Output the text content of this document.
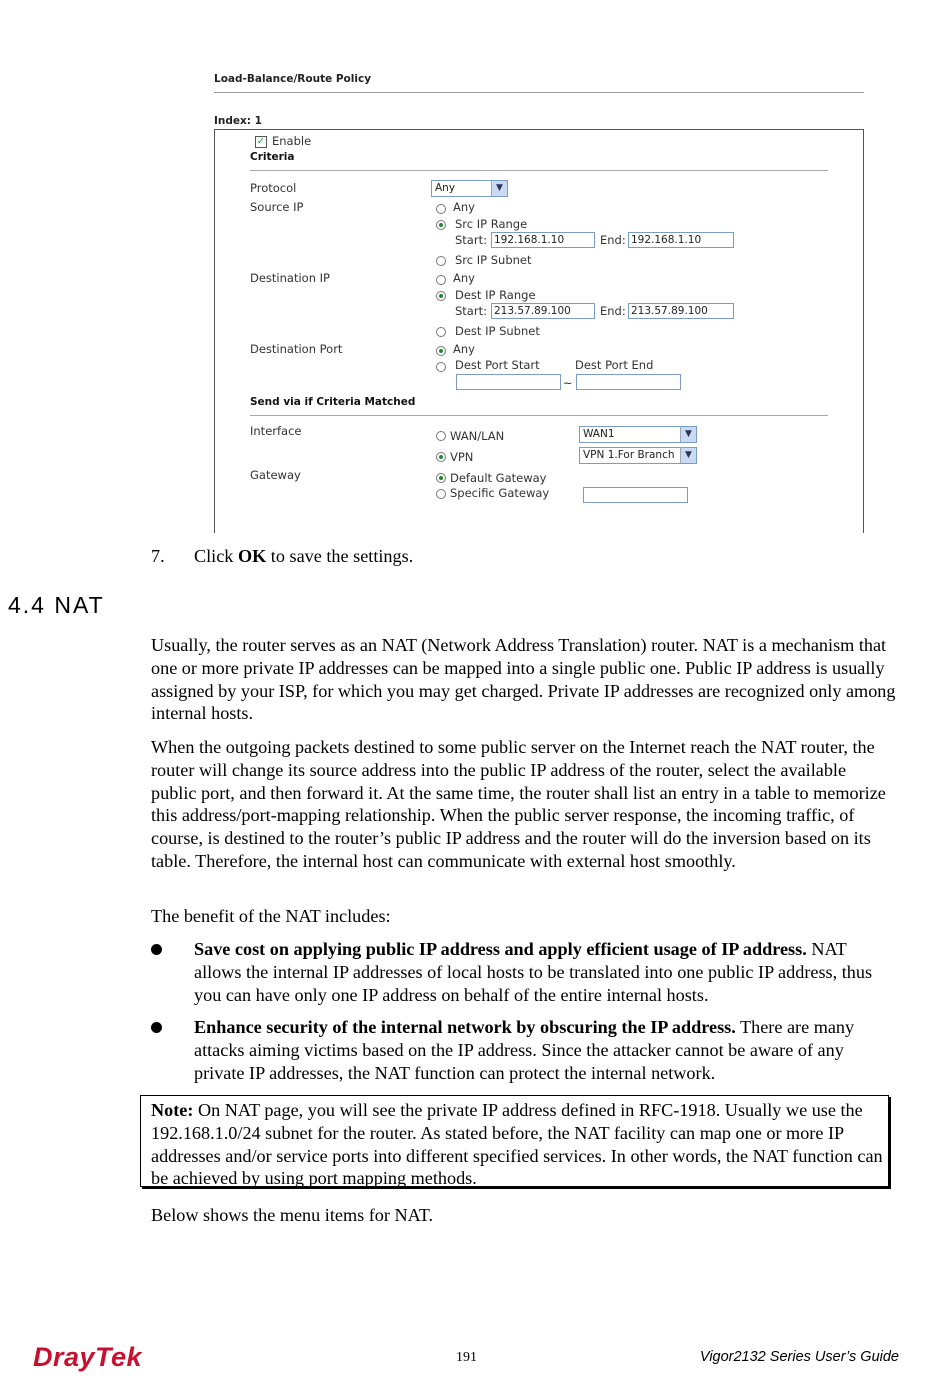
Load-Balance/Route Policy
Index: 1
✓ Enable
Criteria
Protocol	Any	▼
Source IP	Any
Src IP Range
Start: 192.168.1.10	End: 192.168.1.10
Src IP Subnet
Destination IP	Any
Dest IP Range
Start: 213.57.89.100	End: 213.57.89.100
Dest IP Subnet
Destination Port	Any
Dest Port Start	Dest Port End
~
Send via if Criteria Matched
Interface	WAN/LAN	WAN1	▼
VPN	VPN 1.For Branch	▼
Gateway	Default Gateway
Specific Gateway
7. Click OK to save the settings.
4.4 NAT
Usually, the router serves as an NAT (Network Address Translation) router. NAT is a mechanism that one or more private IP addresses can be mapped into a single public one. Public IP address is usually assigned by your ISP, for which you may get charged. Private IP addresses are recognized only among internal hosts.
When the outgoing packets destined to some public server on the Internet reach the NAT router, the router will change its source address into the public IP address of the router, select the available public port, and then forward it. At the same time, the router shall list an entry in a table to memorize this address/port-mapping relationship. When the public server response, the incoming traffic, of course, is destined to the router’s public IP address and the router will do the inversion based on its table. Therefore, the internal host can communicate with external host smoothly.
The benefit of the NAT includes:
Save cost on applying public IP address and apply efficient usage of IP address. NAT allows the internal IP addresses of local hosts to be translated into one public IP address, thus you can have only one IP address on behalf of the entire internal hosts.
Enhance security of the internal network by obscuring the IP address. There are many attacks aiming victims based on the IP address. Since the attacker cannot be aware of any private IP addresses, the NAT function can protect the internal network.
Note: On NAT page, you will see the private IP address defined in RFC-1918. Usually we use the 192.168.1.0/24 subnet for the router. As stated before, the NAT facility can map one or more IP addresses and/or service ports into different specified services. In other words, the NAT function can be achieved by using port mapping methods.
Below shows the menu items for NAT.
DrayTek	191	Vigor2132 Series User’s Guide
